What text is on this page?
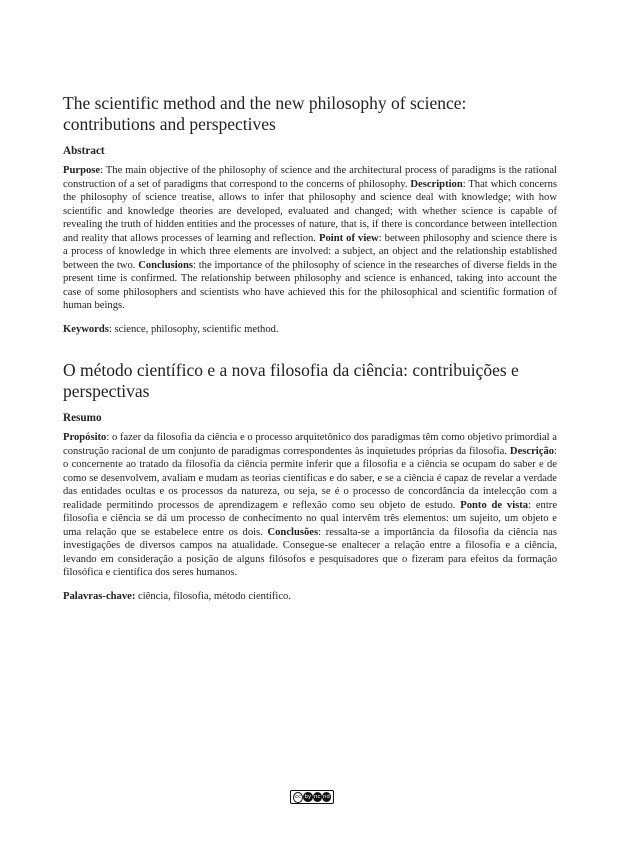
The scientific method and the new philosophy of science: contributions and perspectives
Abstract

Purpose: The main objective of the philosophy of science and the architectural process of paradigms is the rational construction of a set of paradigms that correspond to the concerns of philosophy. Description: That which concerns the philosophy of science treatise, allows to infer that philosophy and science deal with knowledge; with how scientific and knowledge theories are developed, evaluated and changed; with whether science is capable of revealing the truth of hidden entities and the processes of nature, that is, if there is concordance between intellection and reality that allows processes of learning and reflection. Point of view: between philosophy and science there is a process of knowledge in which three elements are involved: a subject, an object and the relationship established between the two. Conclusions: the importance of the philosophy of science in the researches of diverse fields in the present time is confirmed. The relationship between philosophy and science is enhanced, taking into account the case of some philosophers and scientists who have achieved this for the philosophical and scientific formation of human beings.

Keywords: science, philosophy, scientific method.

O método científico e a nova filosofia da ciência: contribuições e perspectivas
Resumo

Propósito: o fazer da filosofia da ciência e o processo arquitetônico dos paradigmas têm como objetivo primordial a construção racional de um conjunto de paradigmas correspondentes às inquietudes próprias da filosofia. Descrição: o concernente ao tratado da filosofia da ciência permite inferir que a filosofia e a ciência se ocupam do saber e de como se desenvolvem, avaliam e mudam as teorias científicas e do saber, e se a ciência é capaz de revelar a verdade das entidades ocultas e os processos da natureza, ou seja, se é o processo de concordância da intelecção com a realidade permitindo processos de aprendizagem e reflexão como seu objeto de estudo. Ponto de vista: entre filosofia e ciência se dá um processo de conhecimento no qual intervêm três elementos: um sujeito, um objeto e uma relação que se estabelece entre os dois. Conclusões: ressalta-se a importância da filosofia da ciência nas investigações de diversos campos na atualidade. Consegue-se enaltecer a relação entre a filosofia e a ciência, levando em consideração a posição de alguns filósofos e pesquisadores que o fizeram para efeitos da formação filosófica e científica dos seres humanos.

Palavras-chave: ciência, filosofia, método científico.

cc by nc nd
